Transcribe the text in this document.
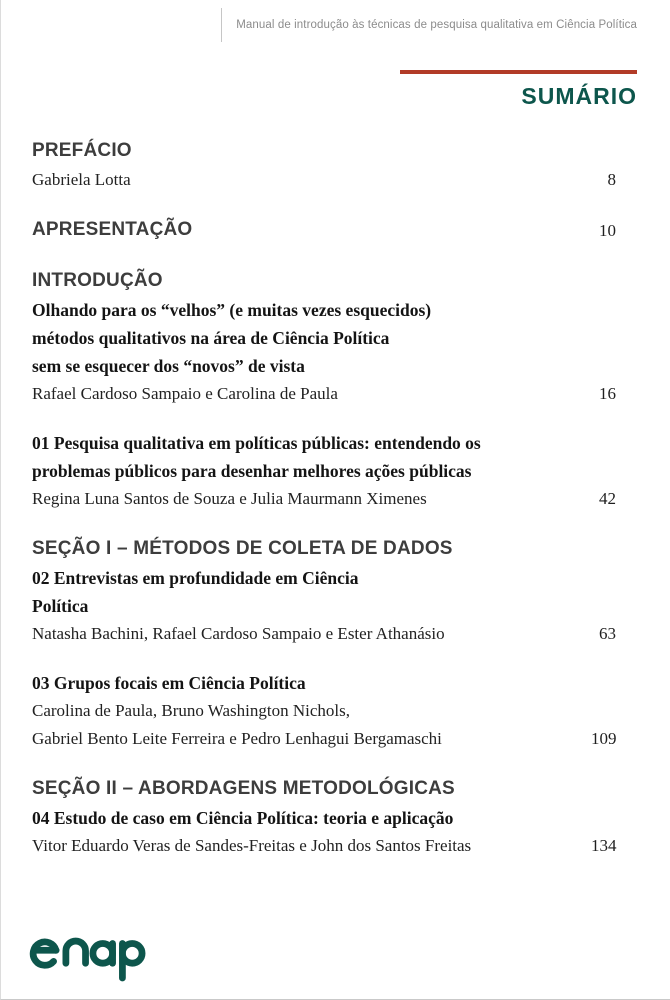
Manual de introdução às técnicas de pesquisa qualitativa em Ciência Política
SUMÁRIO
PREFÁCIO
Gabriela Lotta	8
APRESENTAÇÃO	10
INTRODUÇÃO
Olhando para os “velhos” (e muitas vezes esquecidos)
métodos qualitativos na área de Ciência Política
sem se esquecer dos “novos” de vista
Rafael Cardoso Sampaio e Carolina de Paula	16
01 Pesquisa qualitativa em políticas públicas: entendendo os
problemas públicos para desenhar melhores ações públicas
Regina Luna Santos de Souza e Julia Maurmann Ximenes	42
SEÇÃO I – MÉTODOS DE COLETA DE DADOS
02 Entrevistas em profundidade em Ciência
Política
Natasha Bachini, Rafael Cardoso Sampaio e Ester Athanásio	63
03 Grupos focais em Ciência Política
Carolina de Paula, Bruno Washington Nichols,
Gabriel Bento Leite Ferreira e Pedro Lenhagui Bergamaschi	109
SEÇÃO II – ABORDAGENS METODOLÓGICAS
04 Estudo de caso em Ciência Política: teoria e aplicação
Vitor Eduardo Veras de Sandes-Freitas e John dos Santos Freitas	134
